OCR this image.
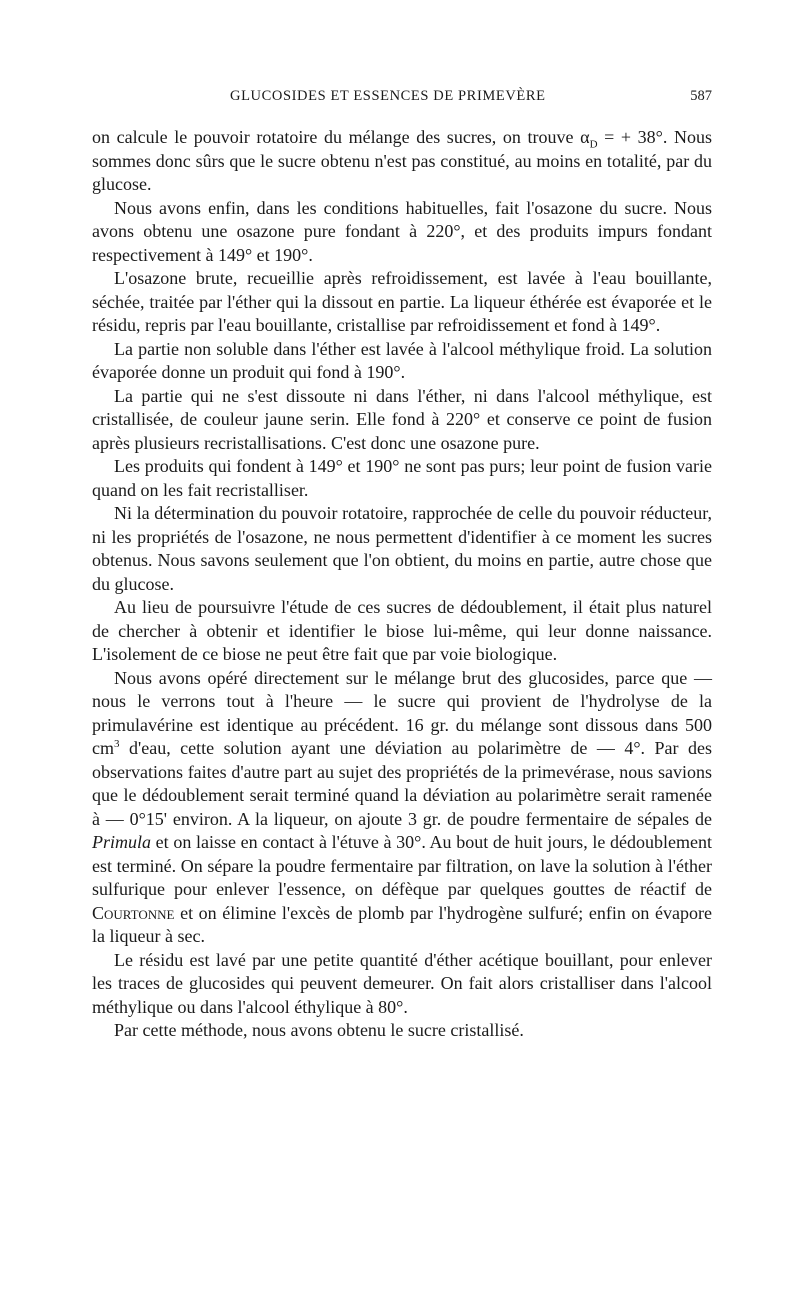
GLUCOSIDES ET ESSENCES DE PRIMEVÈRE	587

on calcule le pouvoir rotatoire du mélange des sucres, on trouve $\alpha_D$ = + 38°. Nous sommes donc sûrs que le sucre obtenu n'est pas constitué, au moins en totalité, par du glucose.

Nous avons enfin, dans les conditions habituelles, fait l'osazone du sucre. Nous avons obtenu une osazone pure fondant à 220°, et des produits impurs fondant respectivement à 149° et 190°.

L'osazone brute, recueillie après refroidissement, est lavée à l'eau bouillante, séchée, traitée par l'éther qui la dissout en partie. La liqueur éthérée est évaporée et le résidu, repris par l'eau bouillante, cristallise par refroidissement et fond à 149°.

La partie non soluble dans l'éther est lavée à l'alcool méthylique froid. La solution évaporée donne un produit qui fond à 190°.

La partie qui ne s'est dissoute ni dans l'éther, ni dans l'alcool méthylique, est cristallisée, de couleur jaune serin. Elle fond à 220° et conserve ce point de fusion après plusieurs recristallisations. C'est donc une osazone pure.

Les produits qui fondent à 149° et 190° ne sont pas purs; leur point de fusion varie quand on les fait recristalliser.

Ni la détermination du pouvoir rotatoire, rapprochée de celle du pouvoir réducteur, ni les propriétés de l'osazone, ne nous permettent d'identifier à ce moment les sucres obtenus. Nous savons seulement que l'on obtient, du moins en partie, autre chose que du glucose.

Au lieu de poursuivre l'étude de ces sucres de dédoublement, il était plus naturel de chercher à obtenir et identifier le biose lui-même, qui leur donne naissance. L'isolement de ce biose ne peut être fait que par voie biologique.

Nous avons opéré directement sur le mélange brut des glucosides, parce que — nous le verrons tout à l'heure — le sucre qui provient de l'hydrolyse de la primulavérine est identique au précédent. 16 gr. du mélange sont dissous dans 500 $cm^3$ d'eau, cette solution ayant une déviation au polarimètre de — 4°. Par des observations faites d'autre part au sujet des propriétés de la primevérase, nous savions que le dédoublement serait terminé quand la déviation au polarimètre serait ramenée à — 0°15' environ. A la liqueur, on ajoute 3 gr. de poudre fermentaire de sépales de Primula et on laisse en contact à l'étuve à 30°. Au bout de huit jours, le dédoublement est terminé. On sépare la poudre fermentaire par filtration, on lave la solution à l'éther sulfurique pour enlever l'essence, on défèque par quelques gouttes de réactif de Courtonne et on élimine l'excès de plomb par l'hydrogène sulfuré; enfin on évapore la liqueur à sec.

Le résidu est lavé par une petite quantité d'éther acétique bouillant, pour enlever les traces de glucosides qui peuvent demeurer. On fait alors cristalliser dans l'alcool méthylique ou dans l'alcool éthylique à 80°.

Par cette méthode, nous avons obtenu le sucre cristallisé.
